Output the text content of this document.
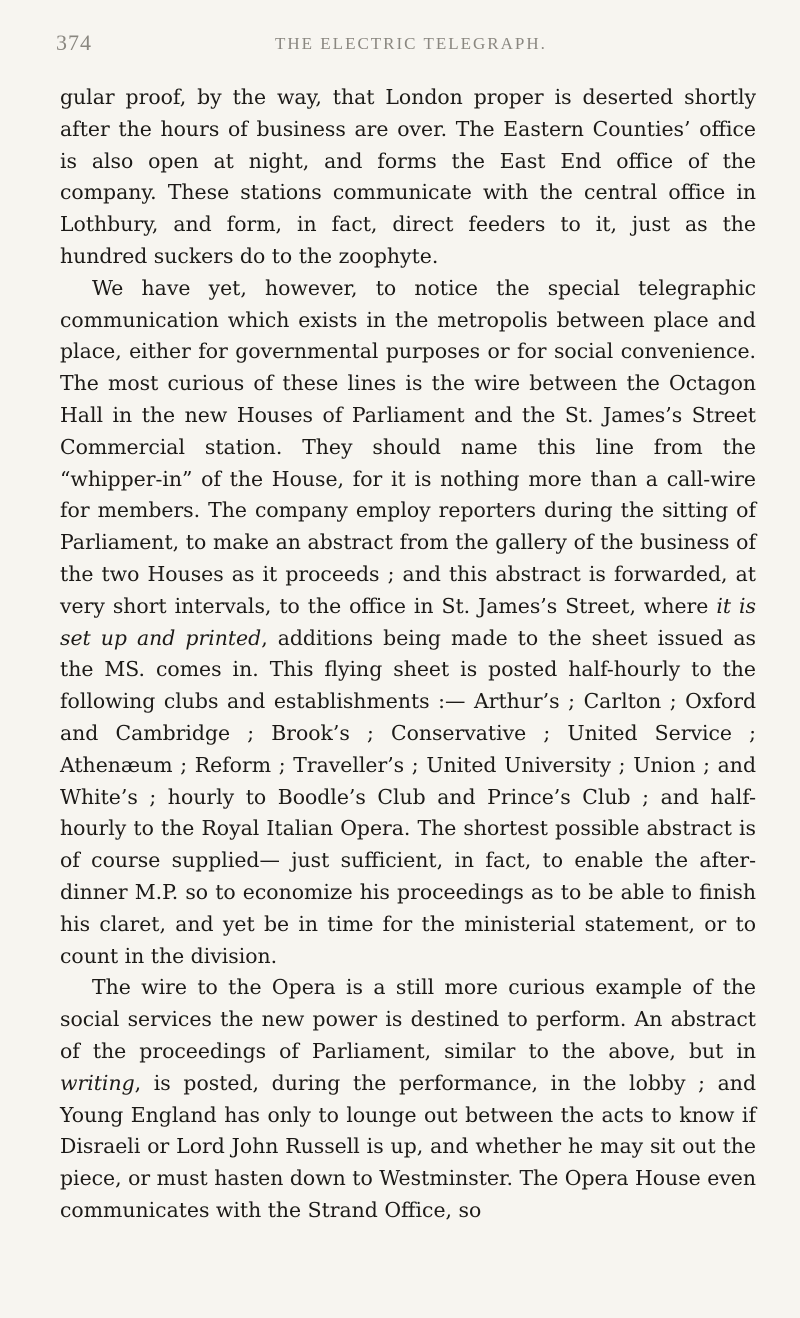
374	THE ELECTRIC TELEGRAPH.

gular proof, by the way, that London proper is deserted shortly after the hours of business are over. The Eastern Counties’ office is also open at night, and forms the East End office of the company. These stations communicate with the central office in Lothbury, and form, in fact, direct feeders to it, just as the hundred suckers do to the zoophyte.

We have yet, however, to notice the special telegraphic communication which exists in the metropolis between place and place, either for governmental purposes or for social convenience. The most curious of these lines is the wire between the Octagon Hall in the new Houses of Parliament and the St. James’s Street Commercial station. They should name this line from the “whipper-in” of the House, for it is nothing more than a call-wire for members. The company employ reporters during the sitting of Parliament, to make an abstract from the gallery of the business of the two Houses as it proceeds ; and this abstract is forwarded, at very short intervals, to the office in St. James’s Street, where it is set up and printed, additions being made to the sheet issued as the MS. comes in. This flying sheet is posted half-hourly to the following clubs and establishments :— Arthur’s ; Carlton ; Oxford and Cambridge ; Brook’s ; Conservative ; United Service ; Athenæum ; Reform ; Traveller’s ; United University ; Union ; and White’s ; hourly to Boodle’s Club and Prince’s Club ; and half-hourly to the Royal Italian Opera. The shortest possible abstract is of course supplied— just sufficient, in fact, to enable the after-dinner M.P. so to economize his proceedings as to be able to finish his claret, and yet be in time for the ministerial statement, or to count in the division.

The wire to the Opera is a still more curious example of the social services the new power is destined to perform. An abstract of the proceedings of Parliament, similar to the above, but in writing, is posted, during the performance, in the lobby ; and Young England has only to lounge out between the acts to know if Disraeli or Lord John Russell is up, and whether he may sit out the piece, or must hasten down to Westminster. The Opera House even communicates with the Strand Office, so
